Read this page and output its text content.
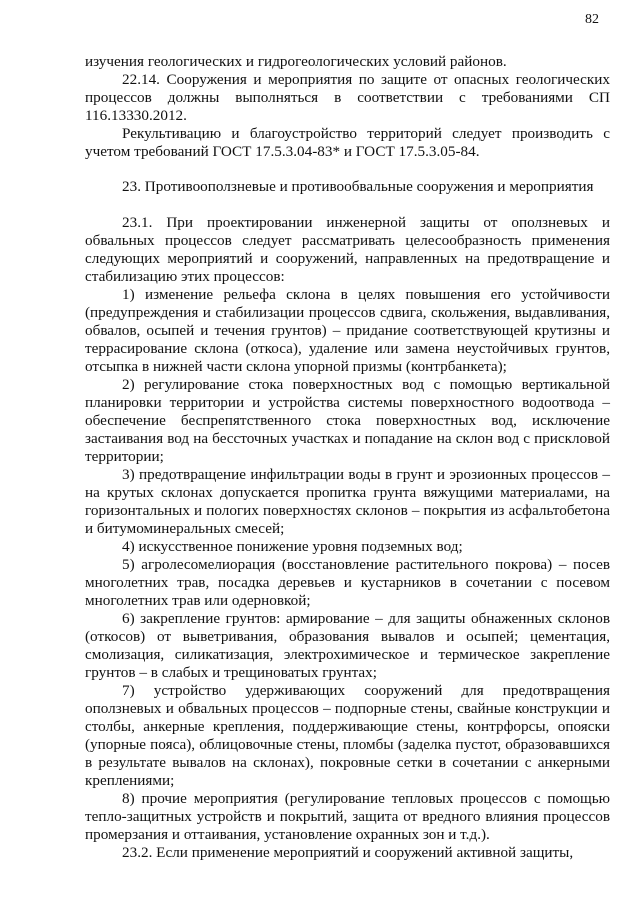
82

изучения геологических и гидрогеологических условий районов.

22.14. Сооружения и мероприятия по защите от опасных геологических процессов должны выполняться в соответствии с требованиями СП 116.13330.2012.

Рекультивацию и благоустройство территорий следует производить с учетом требований ГОСТ 17.5.3.04-83* и ГОСТ 17.5.3.05-84.

23. Противооползневые и противообвальные сооружения и мероприятия

23.1. При проектировании инженерной защиты от оползневых и обвальных процессов следует рассматривать целесообразность применения следующих мероприятий и сооружений, направленных на предотвращение и стабилизацию этих процессов:

1) изменение рельефа склона в целях повышения его устойчивости (предупреждения и стабилизации процессов сдвига, скольжения, выдавливания, обвалов, осыпей и течения грунтов) – придание соответствующей крутизны и террасирование склона (откоса), удаление или замена неустойчивых грунтов, отсыпка в нижней части склона упорной призмы (контрбанкета);

2) регулирование стока поверхностных вод с помощью вертикальной планировки территории и устройства системы поверхностного водоотвода – обеспечение беспрепятственного стока поверхностных вод, исключение застаивания вод на бессточных участках и попадание на склон вод с прискловой территории;

3) предотвращение инфильтрации воды в грунт и эрозионных процессов – на крутых склонах допускается пропитка грунта вяжущими материалами, на горизонтальных и пологих поверхностях склонов – покрытия из асфальтобетона и битумоминеральных смесей;

4) искусственное понижение уровня подземных вод;

5) агролесомелиорация (восстановление растительного покрова) – посев многолетних трав, посадка деревьев и кустарников в сочетании с посевом многолетних трав или одерновкой;

6) закрепление грунтов: армирование – для защиты обнаженных склонов (откосов) от выветривания, образования вывалов и осыпей; цементация, смолизация, силикатизация, электрохимическое и термическое закрепление грунтов – в слабых и трещиноватых грунтах;

7) устройство удерживающих сооружений для предотвращения оползневых и обвальных процессов – подпорные стены, свайные конструкции и столбы, анкерные крепления, поддерживающие стены, контрфорсы, опояски (упорные пояса), облицовочные стены, пломбы (заделка пустот, образовавшихся в результате вывалов на склонах), покровные сетки в сочетании с анкерными креплениями;

8) прочие мероприятия (регулирование тепловых процессов с помощью тепло-защитных устройств и покрытий, защита от вредного влияния процессов промерзания и оттаивания, установление охранных зон и т.д.).

23.2. Если применение мероприятий и сооружений активной защиты,
